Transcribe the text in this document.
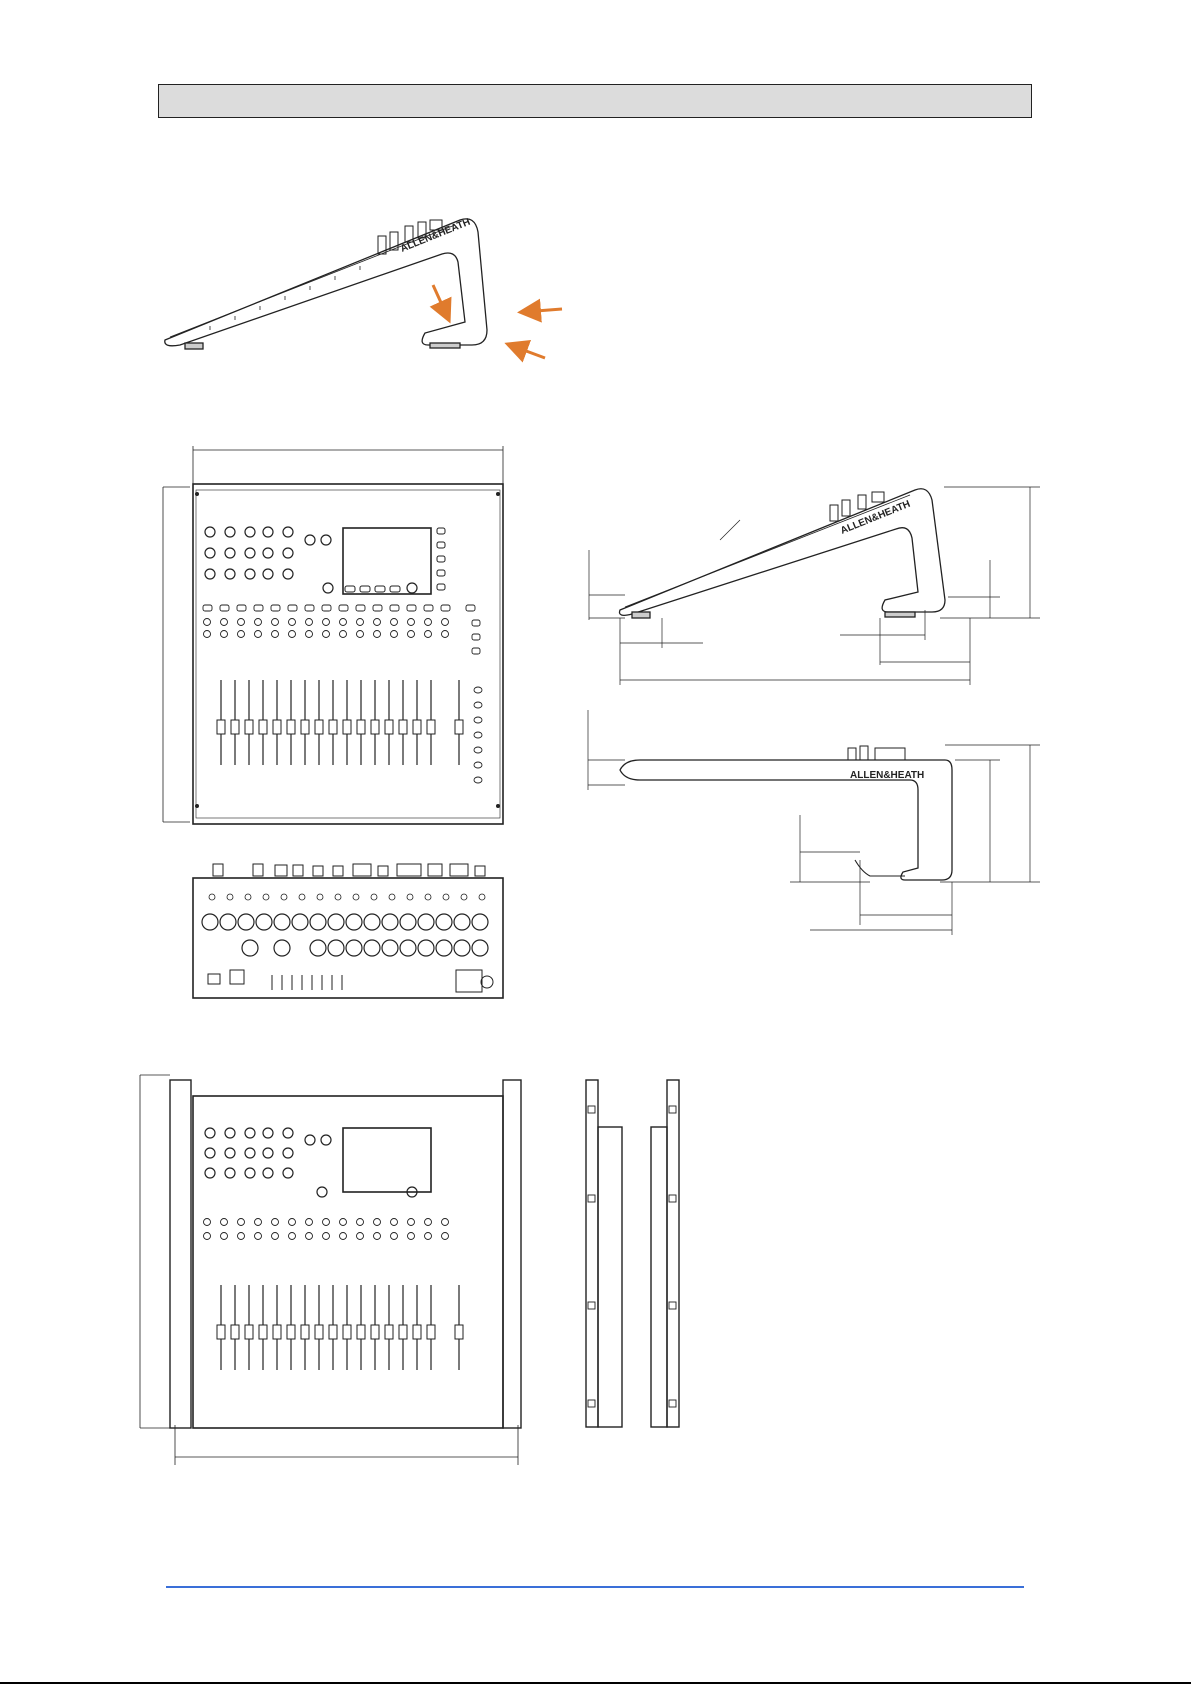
ALLEN&HEATH
ALLEN&HEATH
ALLEN&HEATH
